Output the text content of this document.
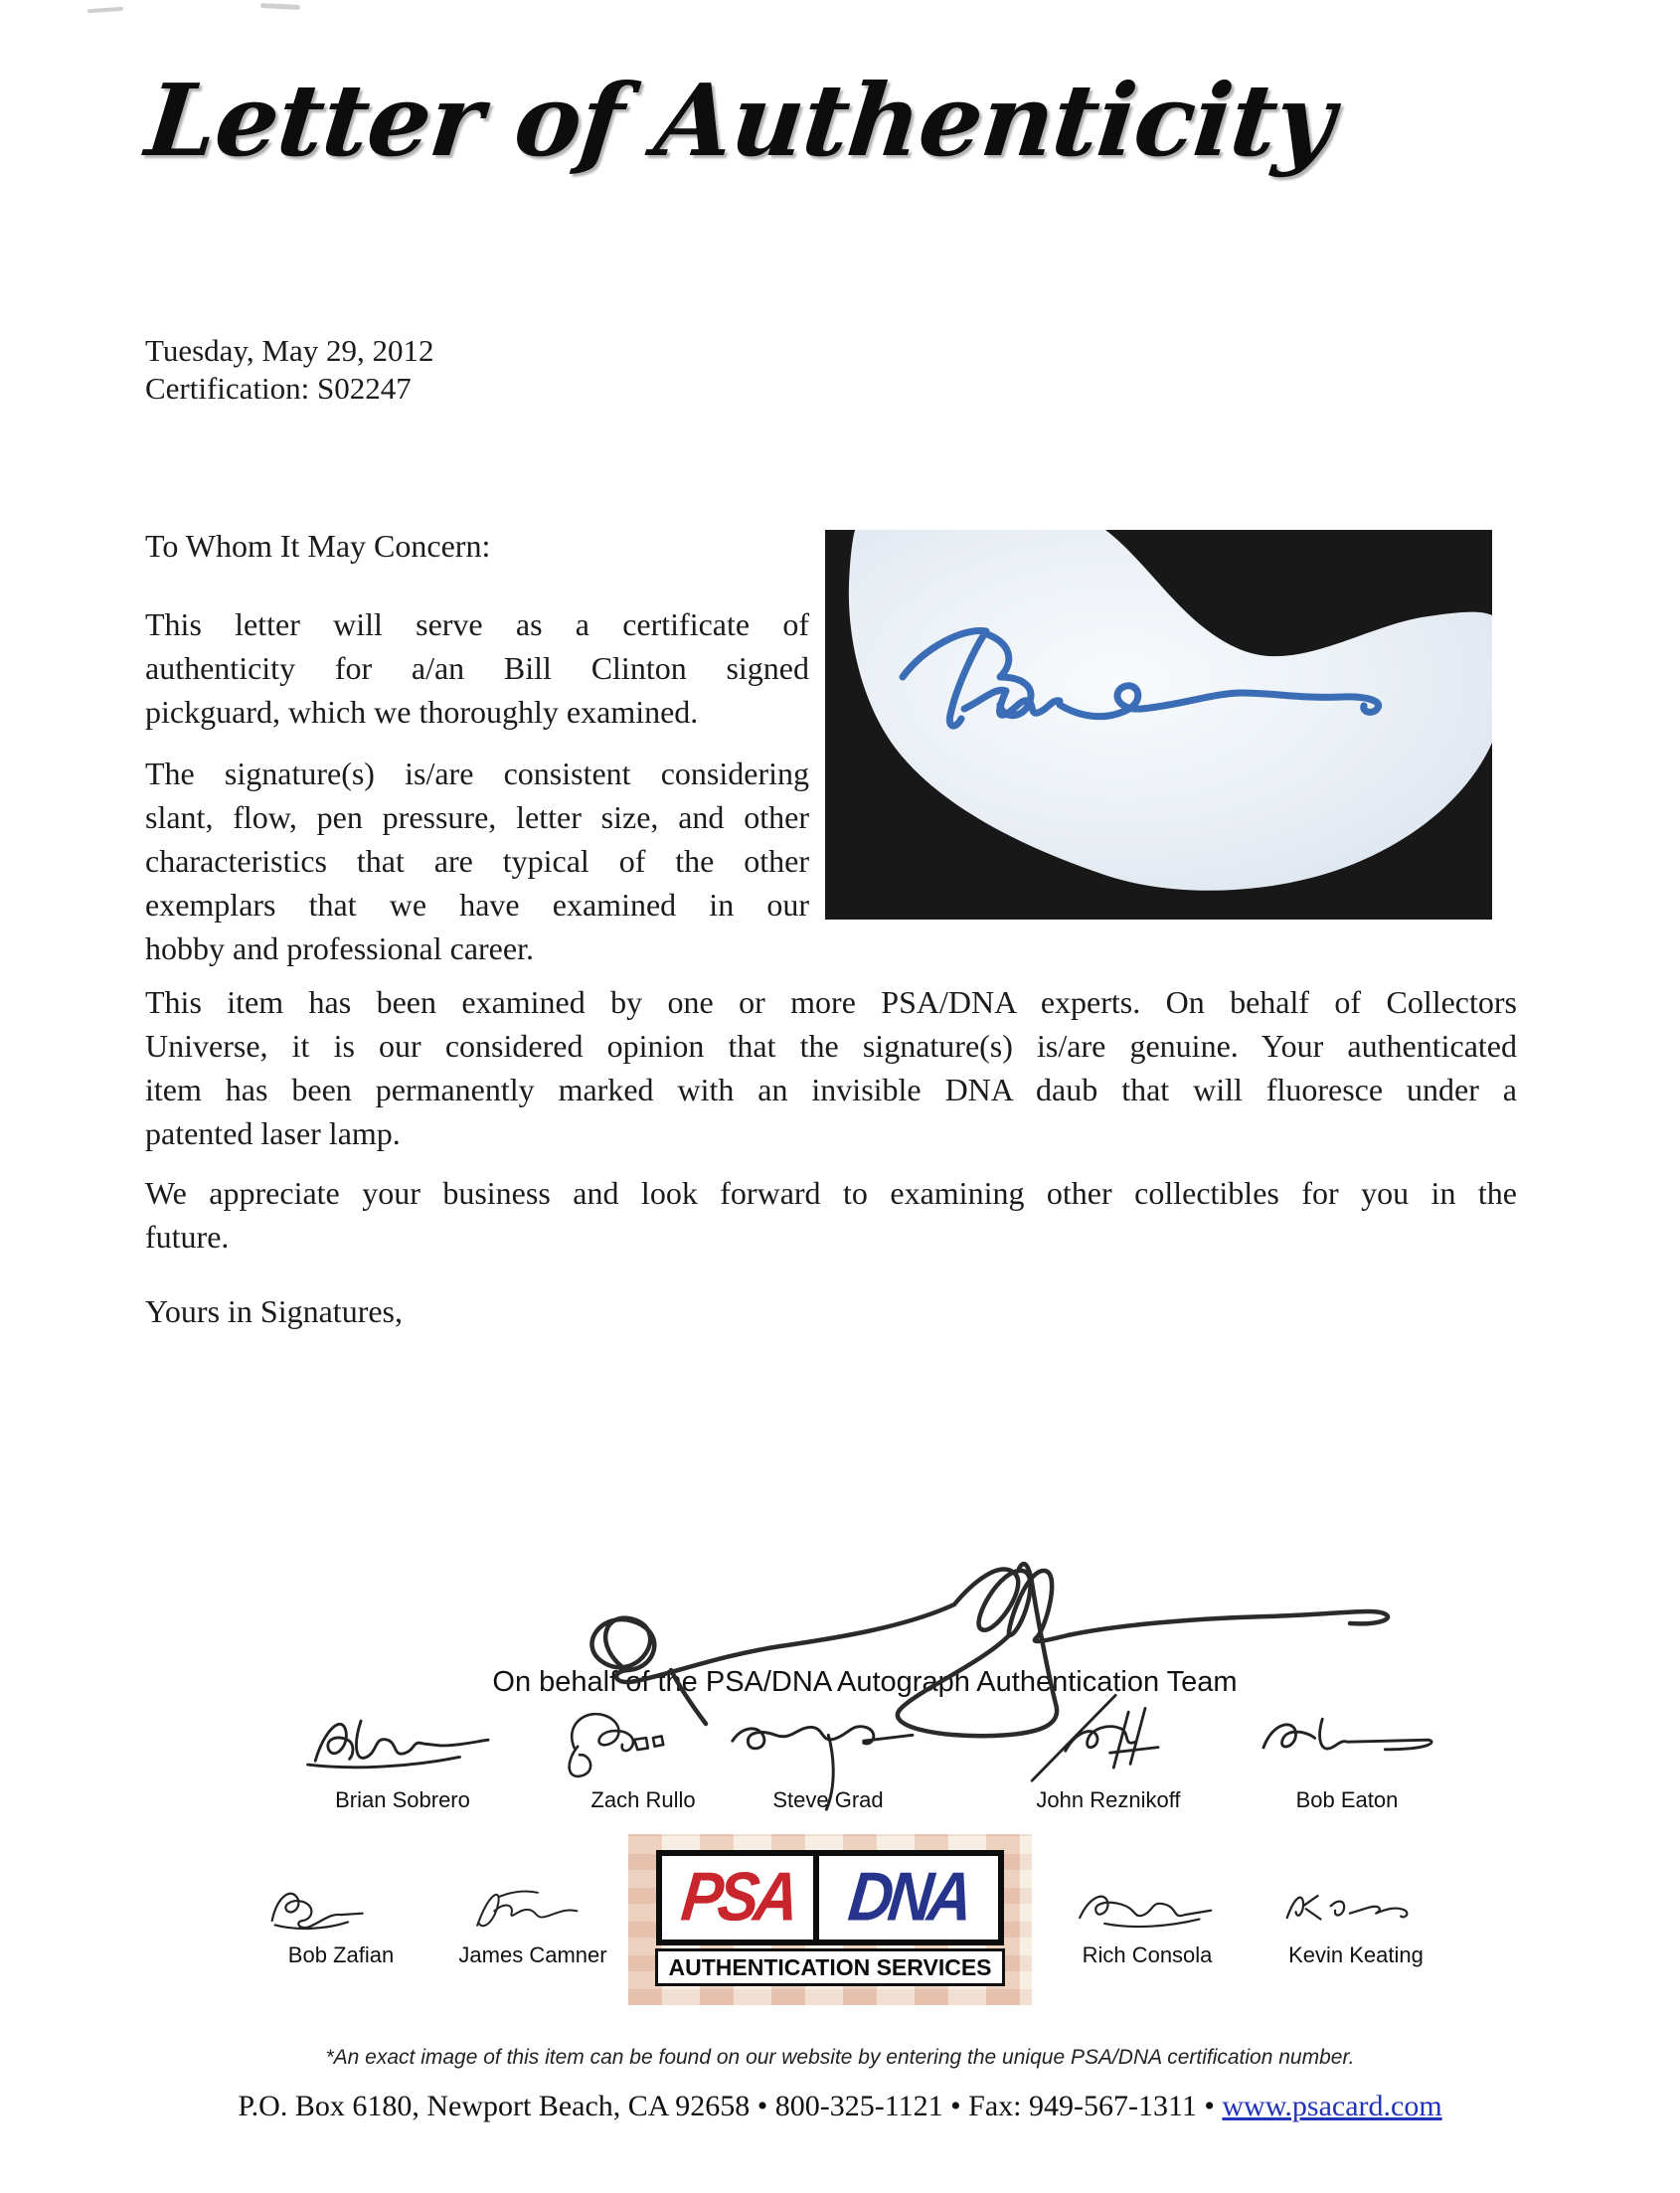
Letter of Authenticity
Tuesday, May 29, 2012
Certification: S02247
To Whom It May Concern:
This letter will serve as a certificate of
authenticity for a/an Bill Clinton signed
pickguard, which we thoroughly examined.
The signature(s) is/are consistent considering
slant, flow, pen pressure, letter size, and other
characteristics that are typical of the other
exemplars that we have examined in our
hobby and professional career.
This item has been examined by one or more PSA/DNA experts. On behalf of Collectors
Universe, it is our considered opinion that the signature(s) is/are genuine. Your authenticated
item has been permanently marked with an invisible DNA daub that will fluoresce under a
patented laser lamp.
We appreciate your business and look forward to examining other collectibles for you in the
future.
Yours in Signatures,
On behalf of the PSA/DNA Autograph Authentication Team
Brian Sobrero	Zach Rullo	Steve Grad	John Reznikoff	Bob Eaton
Bob Zafian	James Camner	Rich Consola	Kevin Keating
PSA DNA
AUTHENTICATION SERVICES
*An exact image of this item can be found on our website by entering the unique PSA/DNA certification number.
P.O. Box 6180, Newport Beach, CA 92658 • 800-325-1121 • Fax: 949-567-1311 • www.psacard.com
